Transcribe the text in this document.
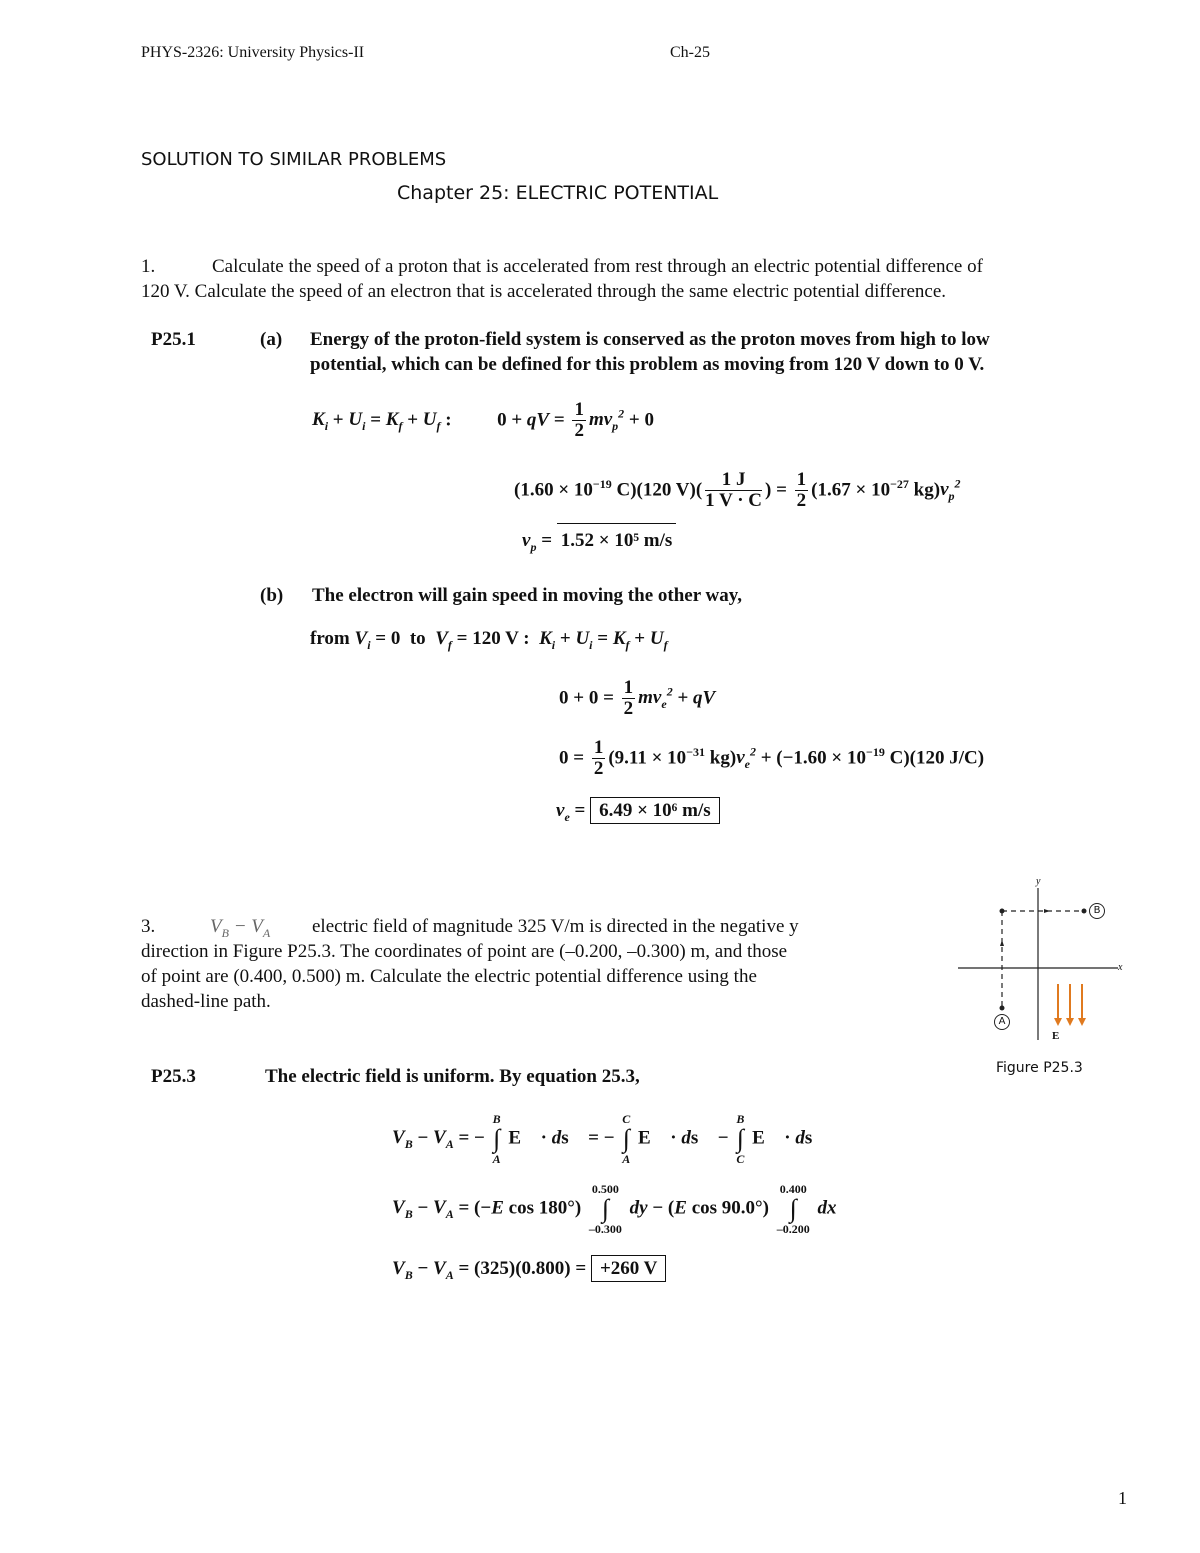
PHYS-2326: University Physics-II	Ch-25
SOLUTION TO SIMILAR PROBLEMS
Chapter 25: ELECTRIC POTENTIAL
1.	Calculate the speed of a proton that is accelerated from rest through an electric potential difference of
120 V. Calculate the speed of an electron that is accelerated through the same electric potential difference.
P25.1	(a) Energy of the proton-field system is conserved as the proton moves from high to low
potential, which can be defined for this problem as moving from 120 V down to 0 V.
$K_i + U_i = K_f + U_f$ :  0 + qV = $\frac{1}{2} mv_p^2 + 0$
($1.60 \times 10^{-19}$ C)(120 $V)( \frac{1 J}{1 V \cdot C}$ ) = $\frac{1}{2} (1.67 \times 10^{-27}$ $kg)v_p^2$
$v_p = 1.52 \times 10^5$ m/s
(b) The electron will gain speed in moving the other way,
from $V_i = 0$  to  $V_f = 120$ V :  $K_i + U_i = K_f + U_f$
$0 + 0 = \frac{1}{2} mv_e^2$ + qV
$0 = \frac{1}{2} (9.11 \times 10^{-31}$ $kg)v_e^2 + (-1.60 \times 10^{-19}$ C)(120 J/C)
$v_e = 6.49 \times 10^6$ m/s
3.	$V_B - V_A$ electric field of magnitude 325 V/m is directed in the negative y
direction in Figure P25.3. The coordinates of point are (–0.200, –0.300) m, and those
of point are (0.400, 0.500) m. Calculate the electric potential difference using the
dashed-line path.
y
x
B
A
E
Figure P25.3
P25.3	The electric field is uniform. By equation 25.3,
$V_B - V_A$ = −
B
∫
A
E⃗ · ds⃗ = −
C
∫
A
E⃗ · ds⃗ −
B
∫
C
E⃗ · ds⃗
$V_B - V_A = (-E$ cos 180°)
0.500
∫
–0.300
dy − (E cos 90.0°)
0.400
∫
–0.200
dx
$V_B - V_A = (325)(0.800) = +260$ V
1
